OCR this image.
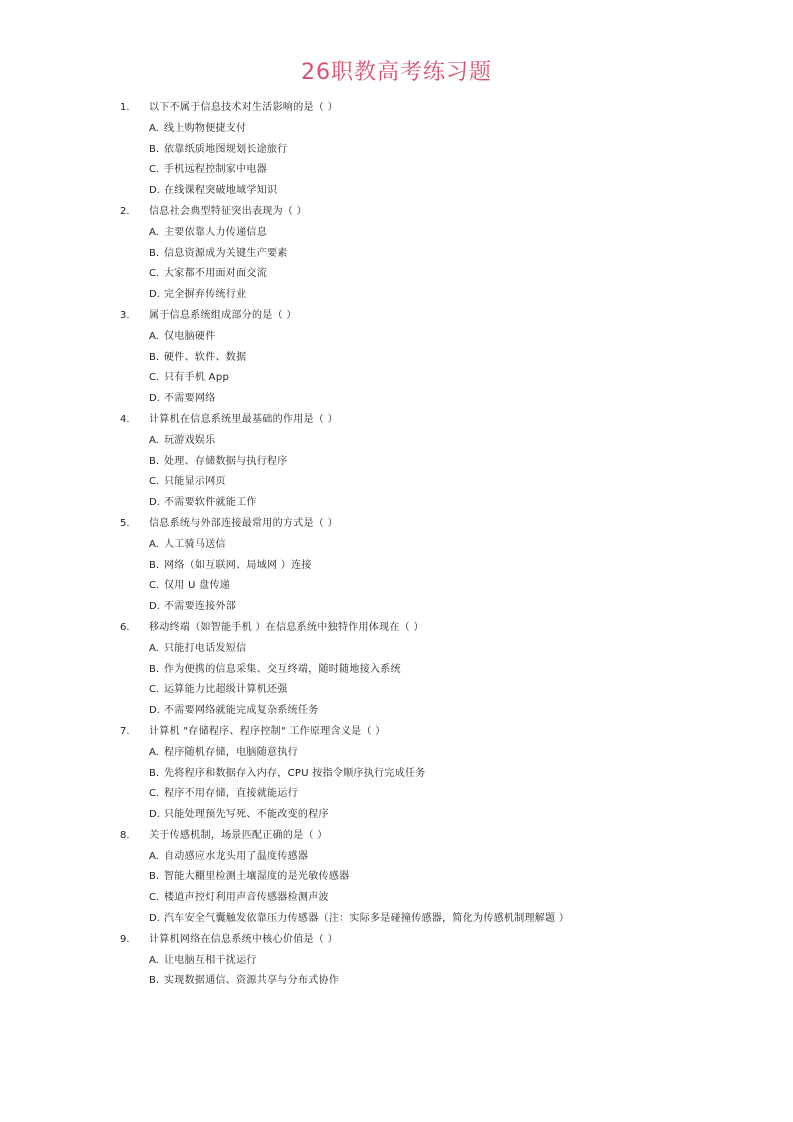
26职教高考练习题
1. 以下不属于信息技术对生活影响的是（ ）
A. 线上购物便捷支付
B. 依靠纸质地图规划长途旅行
C. 手机远程控制家中电器
D. 在线课程突破地域学知识
2. 信息社会典型特征突出表现为（ ）
A. 主要依靠人力传递信息
B. 信息资源成为关键生产要素
C. 大家都不用面对面交流
D. 完全摒弃传统行业
3. 属于信息系统组成部分的是（ ）
A. 仅电脑硬件
B. 硬件、软件、数据
C. 只有手机 App
D. 不需要网络
4. 计算机在信息系统里最基础的作用是（ ）
A. 玩游戏娱乐
B. 处理、存储数据与执行程序
C. 只能显示网页
D. 不需要软件就能工作
5. 信息系统与外部连接最常用的方式是（ ）
A. 人工骑马送信
B. 网络（如互联网、局域网 ）连接
C. 仅用 U 盘传递
D. 不需要连接外部
6. 移动终端（如智能手机 ）在信息系统中独特作用体现在（ ）
A. 只能打电话发短信
B. 作为便携的信息采集、交互终端，随时随地接入系统
C. 运算能力比超级计算机还强
D. 不需要网络就能完成复杂系统任务
7. 计算机 "存储程序、程序控制" 工作原理含义是（ ）
A. 程序随机存储，电脑随意执行
B. 先将程序和数据存入内存，CPU 按指令顺序执行完成任务
C. 程序不用存储，直接就能运行
D. 只能处理预先写死、不能改变的程序
8. 关于传感机制，场景匹配正确的是（ ）
A. 自动感应水龙头用了温度传感器
B. 智能大棚里检测土壤湿度的是光敏传感器
C. 楼道声控灯利用声音传感器检测声波
D. 汽车安全气囊触发依靠压力传感器（注：实际多是碰撞传感器，简化为传感机制理解题 ）
9. 计算机网络在信息系统中核心价值是（ ）
A. 让电脑互相干扰运行
B. 实现数据通信、资源共享与分布式协作
